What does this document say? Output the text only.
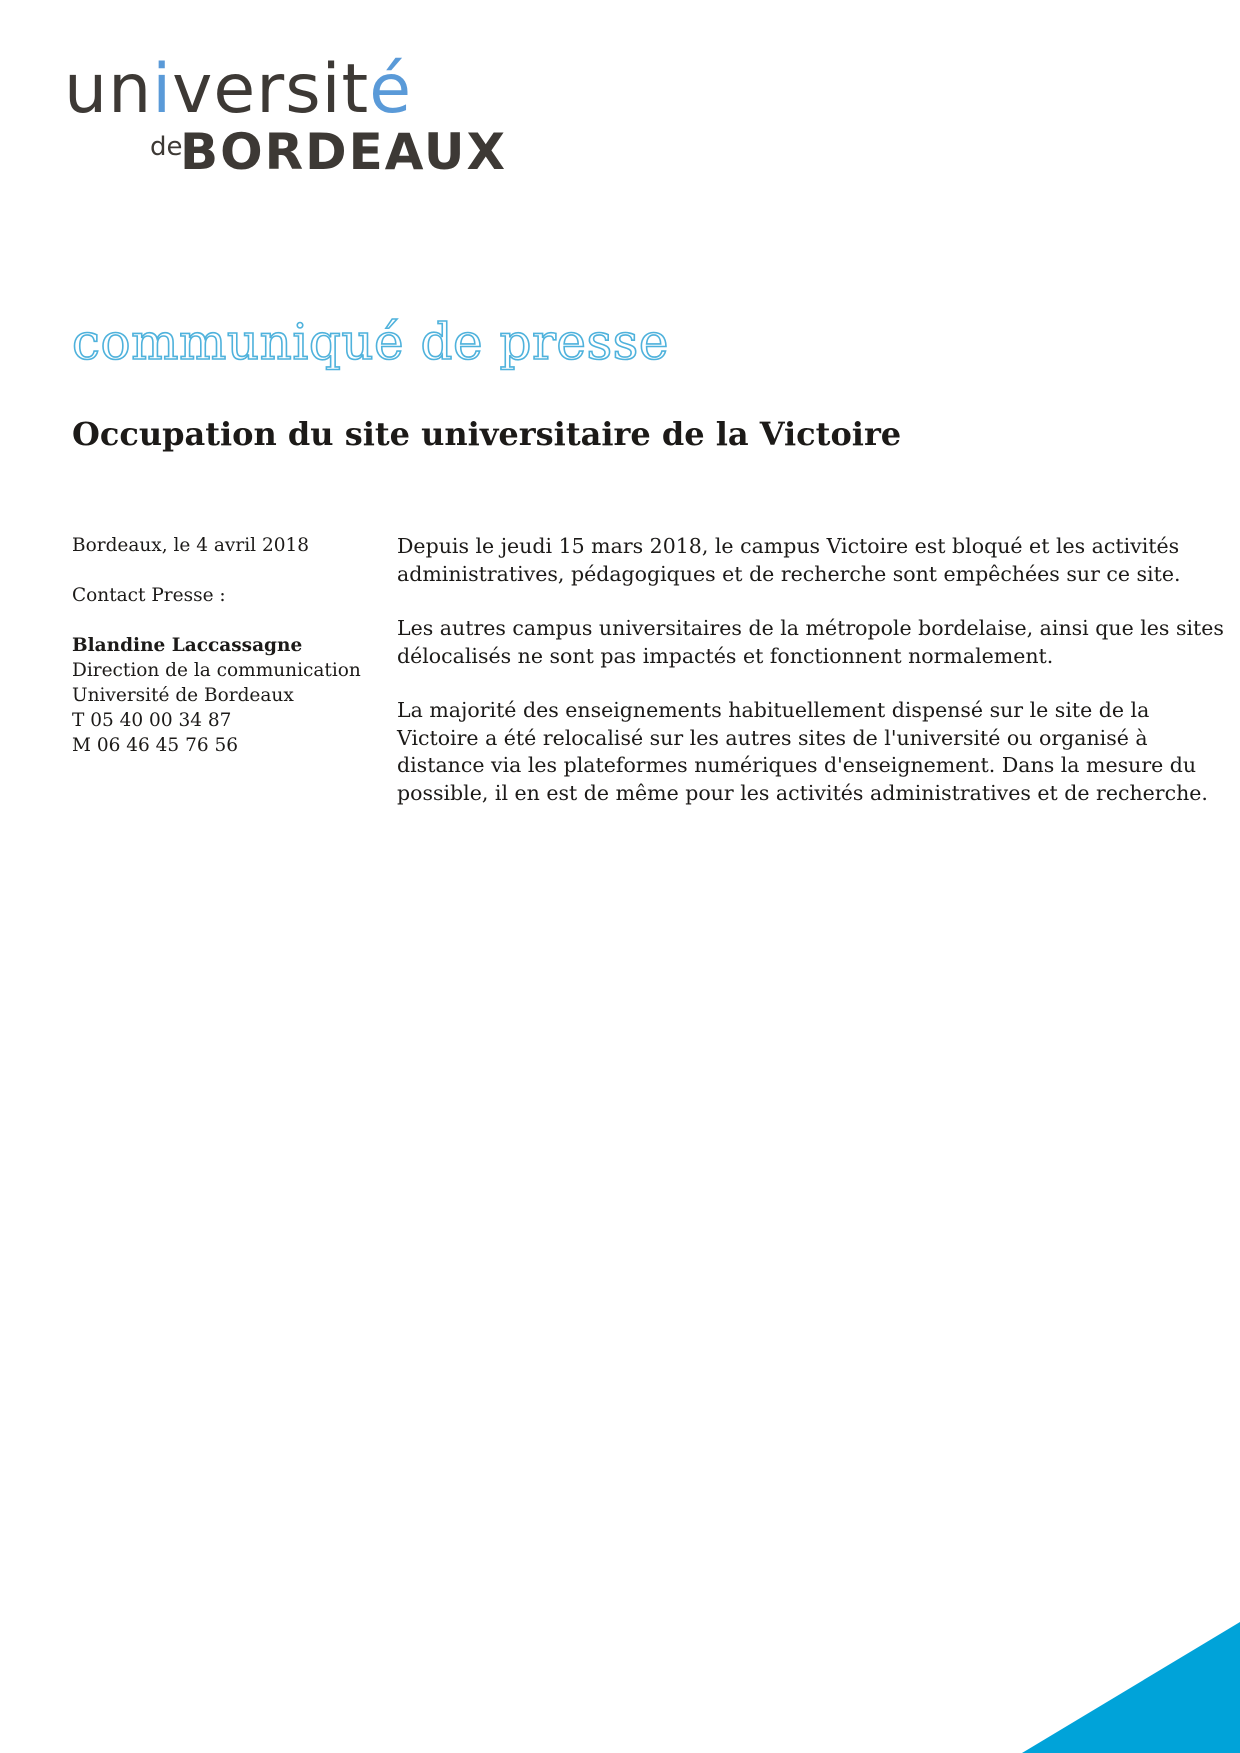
université
de
BORDEAUX
communiqué de presse
Occupation du site universitaire de la Victoire

Bordeaux, le 4 avril 2018

Contact Presse :

Blandine Laccassagne

Direction de la communication

Université de Bordeaux

T 05 40 00 34 87

M 06 46 45 76 56

Depuis le jeudi 15 mars 2018, le campus Victoire est bloqué et les activités
administratives, pédagogiques et de recherche sont empêchées sur ce site.

Les autres campus universitaires de la métropole bordelaise, ainsi que les sites
délocalisés ne sont pas impactés et fonctionnent normalement.

La majorité des enseignements habituellement dispensé sur le site de la
Victoire a été relocalisé sur les autres sites de l'université ou organisé à
distance via les plateformes numériques d'enseignement. Dans la mesure du
possible, il en est de même pour les activités administratives et de recherche.
